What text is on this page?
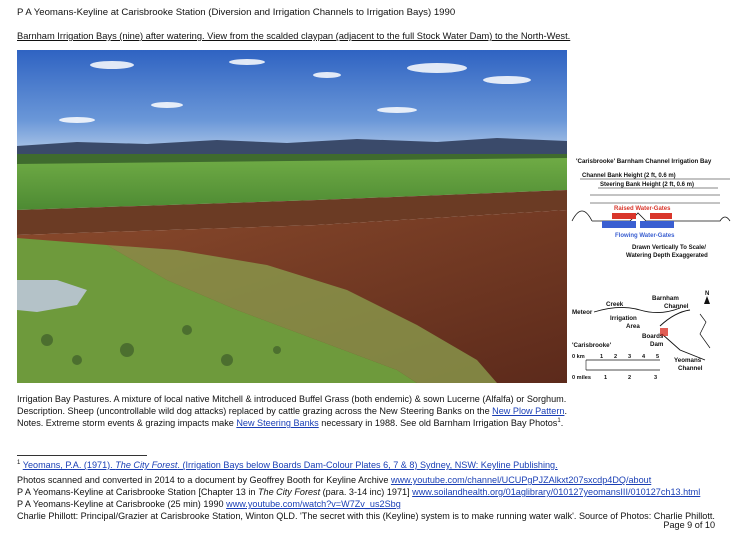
P A Yeomans-Keyline at Carisbrooke Station (Diversion and Irrigation Channels to Irrigation Bays) 1990
Barnham Irrigation Bays (nine) after watering. View from the scalded claypan (adjacent to the full Stock Water Dam) to the North-West.
'Carisbrooke' Barnham Channel Irrigation Bay
Channel Bank Height (2 ft, 0.6 m)
Steering Bank Height (2 ft, 0.6 m)
Raised Water-Gates
Flowing Water-Gates
Drawn Vertically To Scale/
Watering Depth Exaggerated
N
Meteor
Creek
Barnham
Channel
Irrigation
Area
'Carisbrooke'
Boards
Dam
Yeomans
Channel
0 km	1 2 3 4 5
0 miles 1	2	3
Irrigation Bay Pastures. A mixture of local native Mitchell & introduced Buffel Grass (both endemic) & sown Lucerne (Alfalfa) or Sorghum.
Description. Sheep (uncontrollable wild dog attacks) replaced by cattle grazing across the New Steering Banks on the New Plow Pattern.
Notes. Extreme storm events & grazing impacts make New Steering Banks necessary in 1988. See old Barnham Irrigation Bay Photos$^1$.
$^1$ Yeomans, P.A. (1971). The City Forest. (Irrigation Bays below Boards Dam-Colour Plates 6, 7 & 8) Sydney, NSW: Keyline Publishing.
Photos scanned and converted in 2014 to a document by Geoffrey Booth for Keyline Archive www.youtube.com/channel/UCUPgPJZAlkxt207sxcdp4DQ/about
P A Yeomans-Keyline at Carisbrooke Station [Chapter 13 in The City Forest (para. 3-14 inc) 1971] www.soilandhealth.org/01aglibrary/010127yeomansIII/010127ch13.html
P A Yeomans-Keyline at Carisbrooke (25 min) 1990 www.youtube.com/watch?v=W7Zv_us2Sbg
Charlie Phillott: Principal/Grazier at Carisbrooke Station, Winton QLD. 'The secret with this (Keyline) system is to make running water walk'. Source of Photos: Charlie Phillott.
Page 9 of 10
